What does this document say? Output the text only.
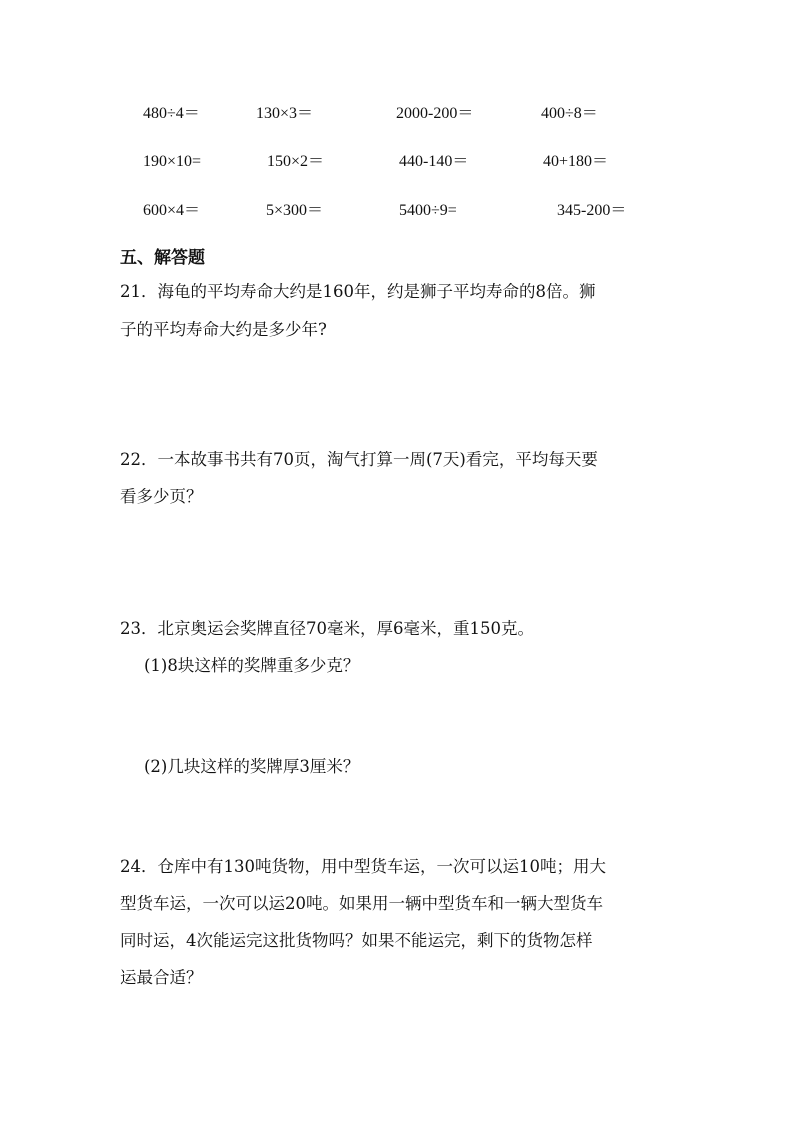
480÷4＝	130×3＝	2000-200＝	400÷8＝
190×10=	150×2＝	440-140＝	40+180＝
600×4＝	5×300＝	5400÷9=	345-200＝
五、解答题
21．海龟的平均寿命大约是160年，约是狮子平均寿命的8倍。狮
子的平均寿命大约是多少年?
22．一本故事书共有70页，淘气打算一周(7天)看完，平均每天要
看多少页？
23．北京奥运会奖牌直径70毫米，厚6毫米，重150克。
(1)8块这样的奖牌重多少克？
(2)几块这样的奖牌厚3厘米？
24．仓库中有130吨货物，用中型货车运，一次可以运10吨；用大
型货车运，一次可以运20吨。如果用一辆中型货车和一辆大型货车
同时运，4次能运完这批货物吗？如果不能运完，剩下的货物怎样
运最合适？
